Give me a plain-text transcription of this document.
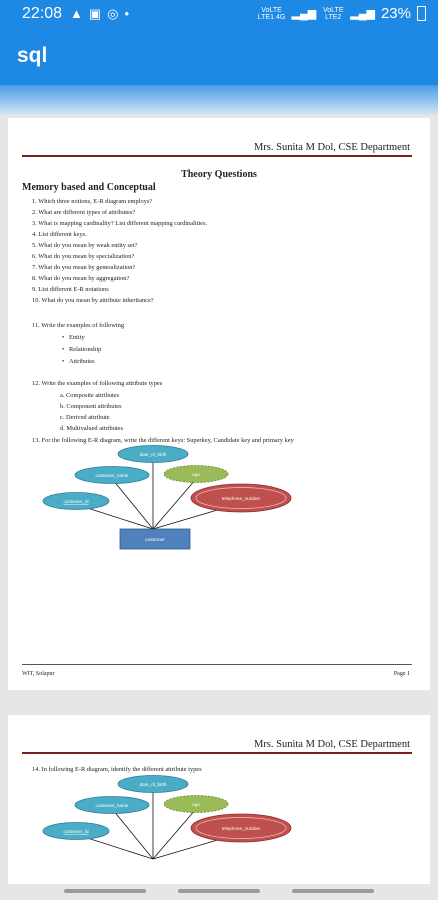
22:08 ▲▣◎•	VoLTE LTE1 4G ▂▄▆ VoLTE LTE2 ▂▄▆ 23%
sql
Mrs. Sunita M Dol, CSE Department
Theory Questions
Memory based and Conceptual
1. Which three notions, E-R diagram employs?
2. What are different types of attributes?
3. What is mapping cardinality? List different mapping cardinalities.
4. List different keys.
5. What do you mean by weak entity set?
6. What do you mean by specialization?
7. What do you mean by generalization?
8. What do you mean by aggregation?
9. List different E-R notations
10. What do you mean by attribute inheritance?
11. Write the examples of following
•   Entity
•   Relationship
•   Attributes
12. Write the examples of following attribute types
a. Composite attributes
b. Component attributes
c. Derived attribute
d. Multivalued attributes
13. For the following E-R diagram, write the different keys: Superkey, Candidate key and primary key
date_of_birth
customer_name	age
telephone_number
customer_id
customer
WIT, Solapur	Page 1
Mrs. Sunita M Dol, CSE Department
14. In following E-R diagram, identify the different attribute types
date_of_birth
customer_name	age
telephone_number
customer_id
